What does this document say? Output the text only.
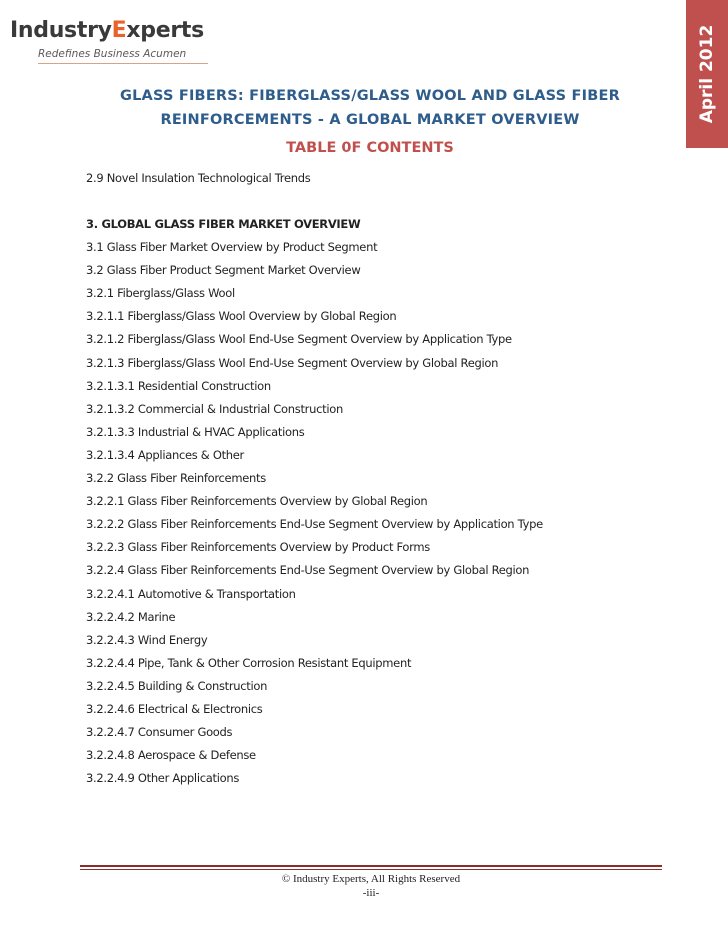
IndustryExperts
Redefines Business Acumen	April 2012
GLASS FIBERS: FIBERGLASS/GLASS WOOL AND GLASS FIBER
REINFORCEMENTS - A GLOBAL MARKET OVERVIEW
TABLE 0F CONTENTS
2.9 Novel Insulation Technological Trends
3. GLOBAL GLASS FIBER MARKET OVERVIEW
3.1 Glass Fiber Market Overview by Product Segment
3.2 Glass Fiber Product Segment Market Overview
3.2.1 Fiberglass/Glass Wool
3.2.1.1 Fiberglass/Glass Wool Overview by Global Region
3.2.1.2 Fiberglass/Glass Wool End-Use Segment Overview by Application Type
3.2.1.3 Fiberglass/Glass Wool End-Use Segment Overview by Global Region
3.2.1.3.1 Residential Construction
3.2.1.3.2 Commercial & Industrial Construction
3.2.1.3.3 Industrial & HVAC Applications
3.2.1.3.4 Appliances & Other
3.2.2 Glass Fiber Reinforcements
3.2.2.1 Glass Fiber Reinforcements Overview by Global Region
3.2.2.2 Glass Fiber Reinforcements End-Use Segment Overview by Application Type
3.2.2.3 Glass Fiber Reinforcements Overview by Product Forms
3.2.2.4 Glass Fiber Reinforcements End-Use Segment Overview by Global Region
3.2.2.4.1 Automotive & Transportation
3.2.2.4.2 Marine
3.2.2.4.3 Wind Energy
3.2.2.4.4 Pipe, Tank & Other Corrosion Resistant Equipment
3.2.2.4.5 Building & Construction
3.2.2.4.6 Electrical & Electronics
3.2.2.4.7 Consumer Goods
3.2.2.4.8 Aerospace & Defense
3.2.2.4.9 Other Applications
© Industry Experts, All Rights Reserved
-iii-
